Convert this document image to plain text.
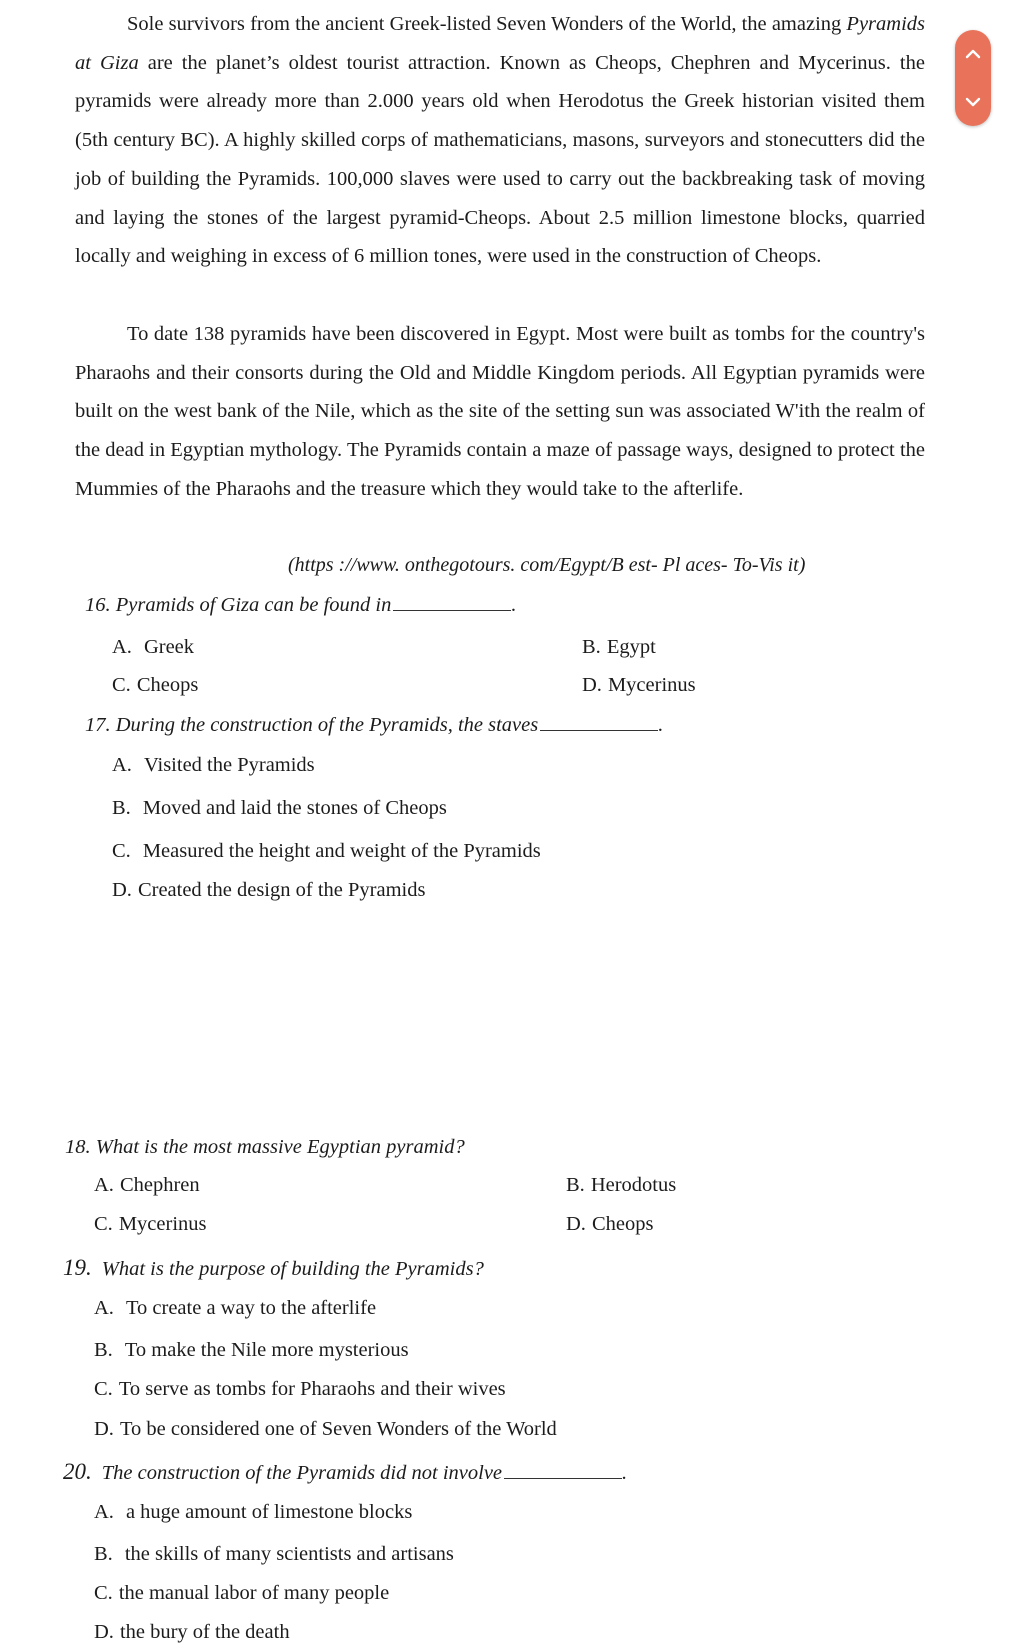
Sole survivors from the ancient Greek-listed Seven Wonders of the World, the amazing Pyramids at Giza are the planet’s oldest tourist attraction. Known as Cheops, Chephren and Mycerinus. the pyramids were already more than 2.000 years old when Herodotus the Greek historian visited them (5th century BC). A highly skilled corps of mathematicians, masons, surveyors and stonecutters did the job of building the Pyramids. 100,000 slaves were used to carry out the backbreaking task of moving and laying the stones of the largest pyramid-Cheops. About 2.5 million limestone blocks, quarried locally and weighing in excess of 6 million tones, were used in the construction of Cheops.

To date 138 pyramids have been discovered in Egypt. Most were built as tombs for the country's Pharaohs and their consorts during the Old and Middle Kingdom periods. All Egyptian pyramids were built on the west bank of the Nile, which as the site of the setting sun was associated W'ith the realm of the dead in Egyptian mythology. The Pyramids contain a maze of passage ways, designed to protect the Mummies of the Pharaohs and the treasure which they would take to the afterlife.

(https ://www. onthegotours. com/Egypt/B est- Pl aces- To-Vis it)
16. Pyramids of Giza can be found in	.
A. Greek	B. Egypt
C. Cheops	D. Mycerinus
17. During the construction of the Pyramids, the staves	.
A. Visited the Pyramids
B. Moved and laid the stones of Cheops
C. Measured the height and weight of the Pyramids
D. Created the design of the Pyramids
18. What is the most massive Egyptian pyramid?
A. Chephren	B. Herodotus
C. Mycerinus	D. Cheops
19. What is the purpose of building the Pyramids?
A. To create a way to the afterlife
B. To make the Nile more mysterious
C. To serve as tombs for Pharaohs and their wives
D. To be considered one of Seven Wonders of the World
20. The construction of the Pyramids did not involve	.
A. a huge amount of limestone blocks
B. the skills of many scientists and artisans
C. the manual labor of many people
D. the bury of the death
